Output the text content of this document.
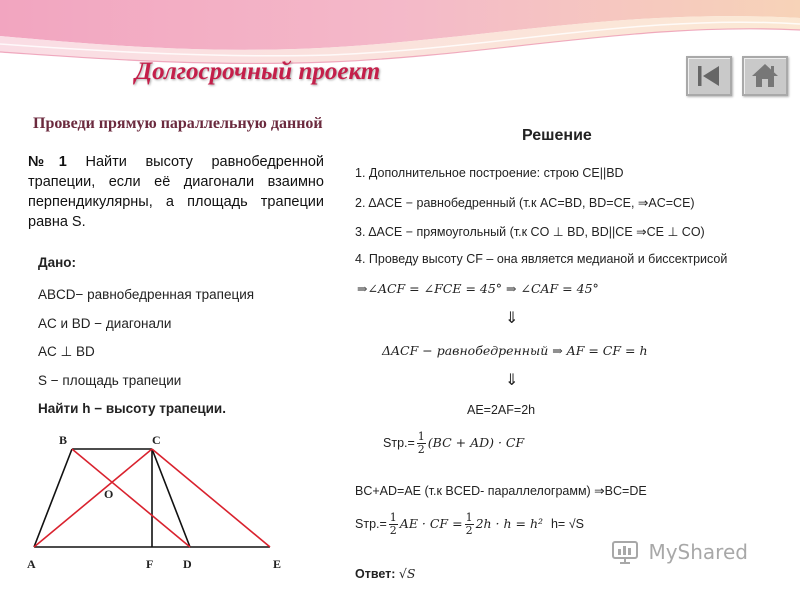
Долгосрочный проект
Проведи прямую параллельную данной
№1 Найти высоту равнобедренной трапеции, если её диагонали взаимно перпендикулярны, а площадь трапеции равна S.
Дано:
ABCD− равнобедренная трапеция
AC и BD − диагонали
AC ⊥ BD
S − площадь трапеции
Найти h − высоту трапеции.
B	C
O
A	F D	E
Решение
1. Дополнительное построение: строю CE||BD
2. ΔACE − равнобедренный (т.к AC=BD, BD=CE, ⇒AC=CE)
3. ΔACE − прямоугольный (т.к CO ⊥ BD, BD||CE ⇒CE ⊥ CO)
4. Проведу высоту CF – она является медианой и биссектрисой
⇒∠ACF = ∠FCE = 45° ⇒ ∠CAF = 45°
⇓
ΔACF − равнобедренный ⇒ AF = CF = h
⇓
AE=2AF=2h
$Sтр.= \frac{1}{2} (BC + AD)$ · CF
BC+AD=AE (т.к BCED- параллелограмм) ⇒BC=DE
$Sтр.= \frac{1}{2}$ AE · CF = $\frac{1}{2} 2h \cdot h = h^2$ h= √S
Ответ: √S
MyShared
